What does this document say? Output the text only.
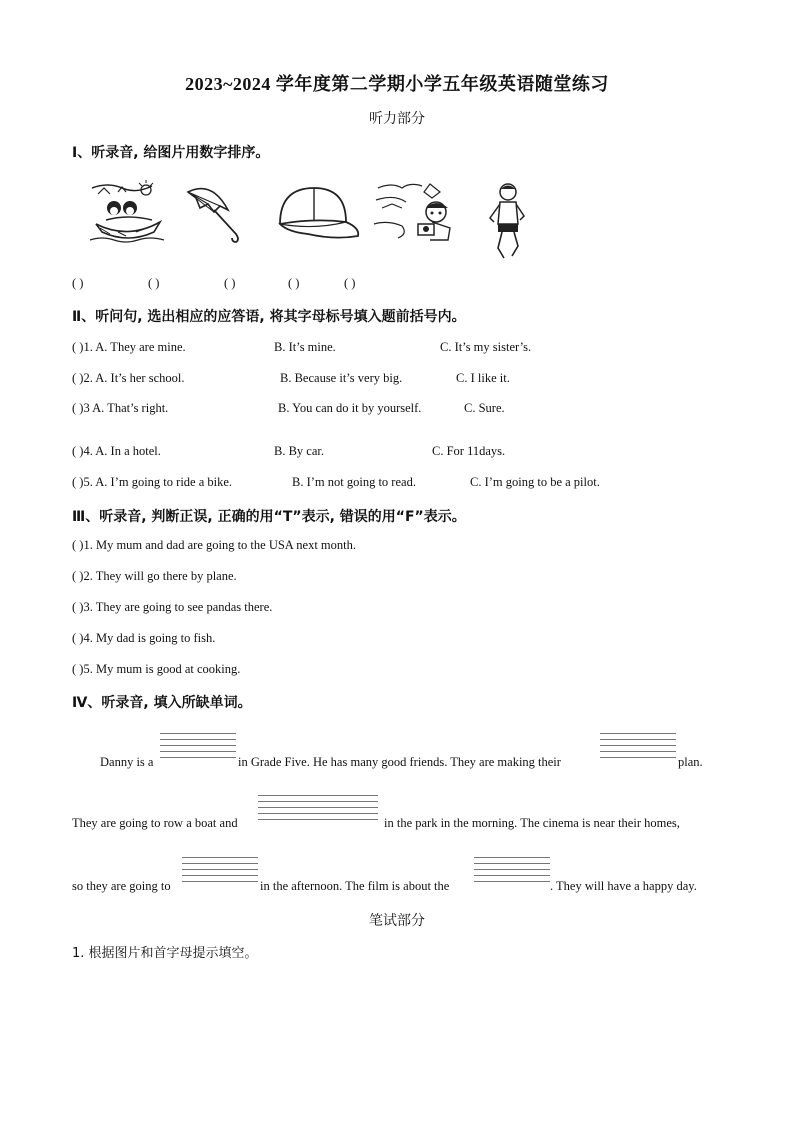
2023~2024 学年度第二学期小学五年级英语随堂练习
听力部分
Ⅰ、听录音, 给图片用数字排序。
( )	( )	( )	( )	( )
Ⅱ、听问句, 选出相应的应答语, 将其字母标号填入题前括号内。
( )1. A. They are mine.	B. It’s mine.	C. It’s my sister’s.
( )2. A. It’s her school.	B. Because it’s very big.	C. I like it.
( )3 A. That’s right.	B. You can do it by yourself.	C. Sure.
( )4. A. In a hotel.	B. By car.	C. For 11days.
( )5. A. I’m going to ride a bike.	B. I’m not going to read.	C. I’m going to be a pilot.
Ⅲ、听录音, 判断正误, 正确的用“T”表示, 错误的用“F”表示。
( )1. My mum and dad are going to the USA next month.
( )2. They will go there by plane.
( )3. They are going to see pandas there.
( )4. My dad is going to fish.
( )5. My mum is good at cooking.
Ⅳ、听录音, 填入所缺单词。
Danny is a	in Grade Five. He has many good friends. They are making their	plan.
They are going to row a boat and	in the park in the morning. The cinema is near their homes,
so they are going to	in the afternoon. The film is about the	. They will have a happy day.
笔试部分
1. 根据图片和首字母提示填空。
